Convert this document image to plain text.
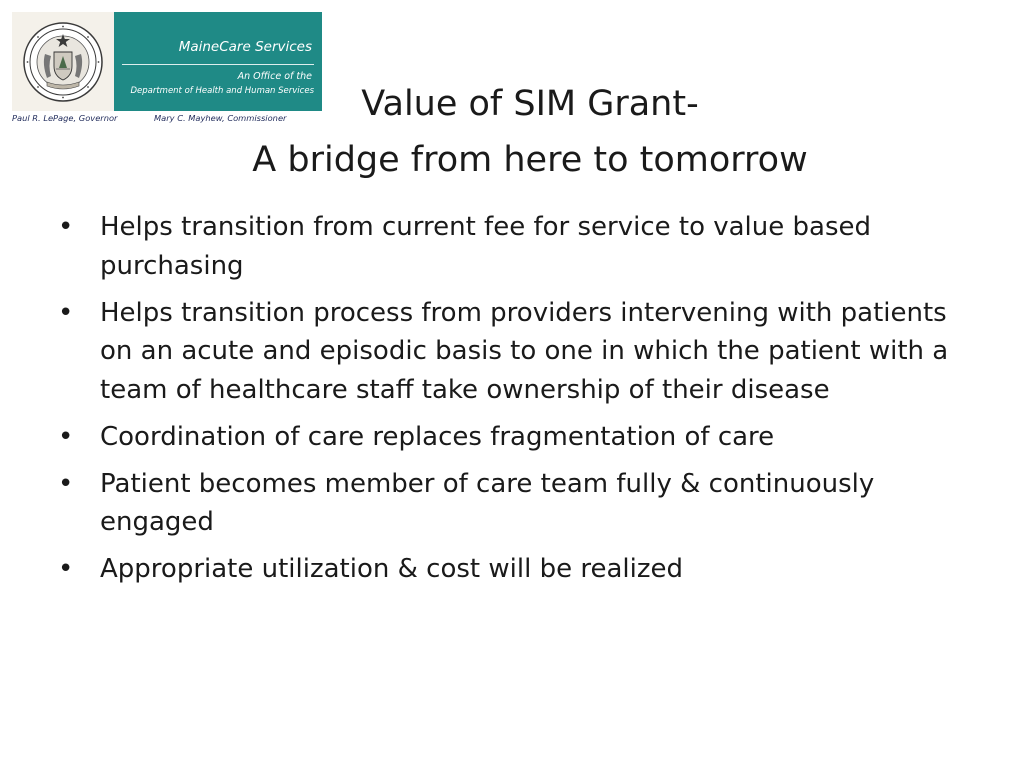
MaineCare Services
An Office of the
Department of Health and Human Services
Paul R. LePage, Governor	Mary C. Mayhew, Commissioner	Value of SIM Grant-
A bridge from here to tomorrow
• Helps transition from current fee for service to value based purchasing
• Helps transition process from providers intervening with patients on an acute and episodic basis to one in which the patient with a team of healthcare staff take ownership of their disease
• Coordination of care replaces fragmentation of care
• Patient becomes member of care team fully & continuously engaged
• Appropriate utilization & cost will be realized
